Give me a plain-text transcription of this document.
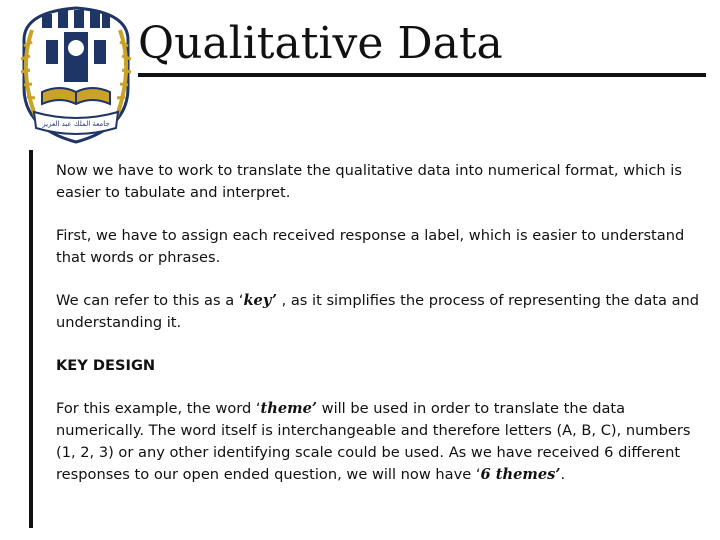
جامعة الملك عبد العزيز
Qualitative Data

Now we have to work to translate the qualitative data into numerical format, which is easier to tabulate and interpret.

First, we have to assign each received response a label, which is easier to understand that words or phrases.

We can refer to this as a ‘key’ , as it simplifies the process of representing the data and understanding it.

KEY DESIGN

For this example, the word ‘theme’ will be used in order to translate the data numerically. The word itself is interchangeable and therefore letters (A, B, C), numbers (1, 2, 3) or any other identifying scale could be used. As we have received 6 different responses to our open ended question, we will now have ‘6 themes’.
